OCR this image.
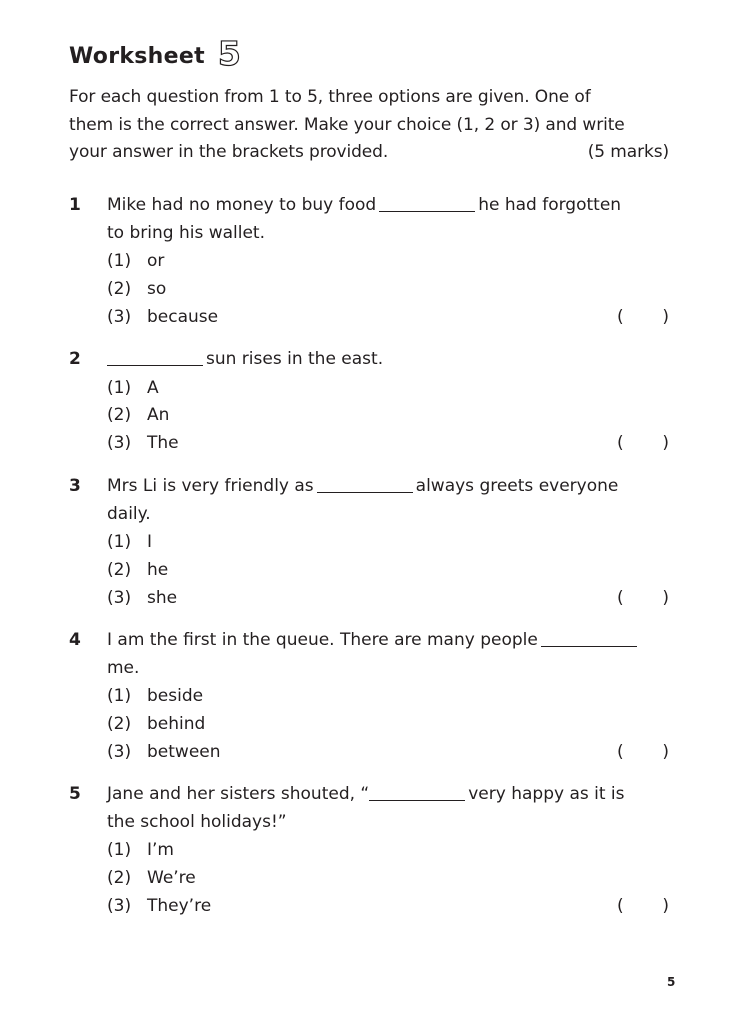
Worksheet 5
For each question from 1 to 5, three options are given. One of
them is the correct answer. Make your choice (1, 2 or 3) and write
your answer in the brackets provided.	(5 marks)
1	Mike had no money to buy food	he had forgotten
to bring his wallet.
(1) or
(2) so
(3) because	( )
2	sun rises in the east.
(1) A
(2) An
(3) The	( )
3	Mrs Li is very friendly as	always greets everyone
daily.
(1) I
(2) he
(3) she	( )
4	I am the first in the queue. There are many people
me.
(1) beside
(2) behind
(3) between	( )
5	Jane and her sisters shouted, “	very happy as it is
the school holidays!”
(1) I’m
(2) We’re
(3) They’re	( )
5
